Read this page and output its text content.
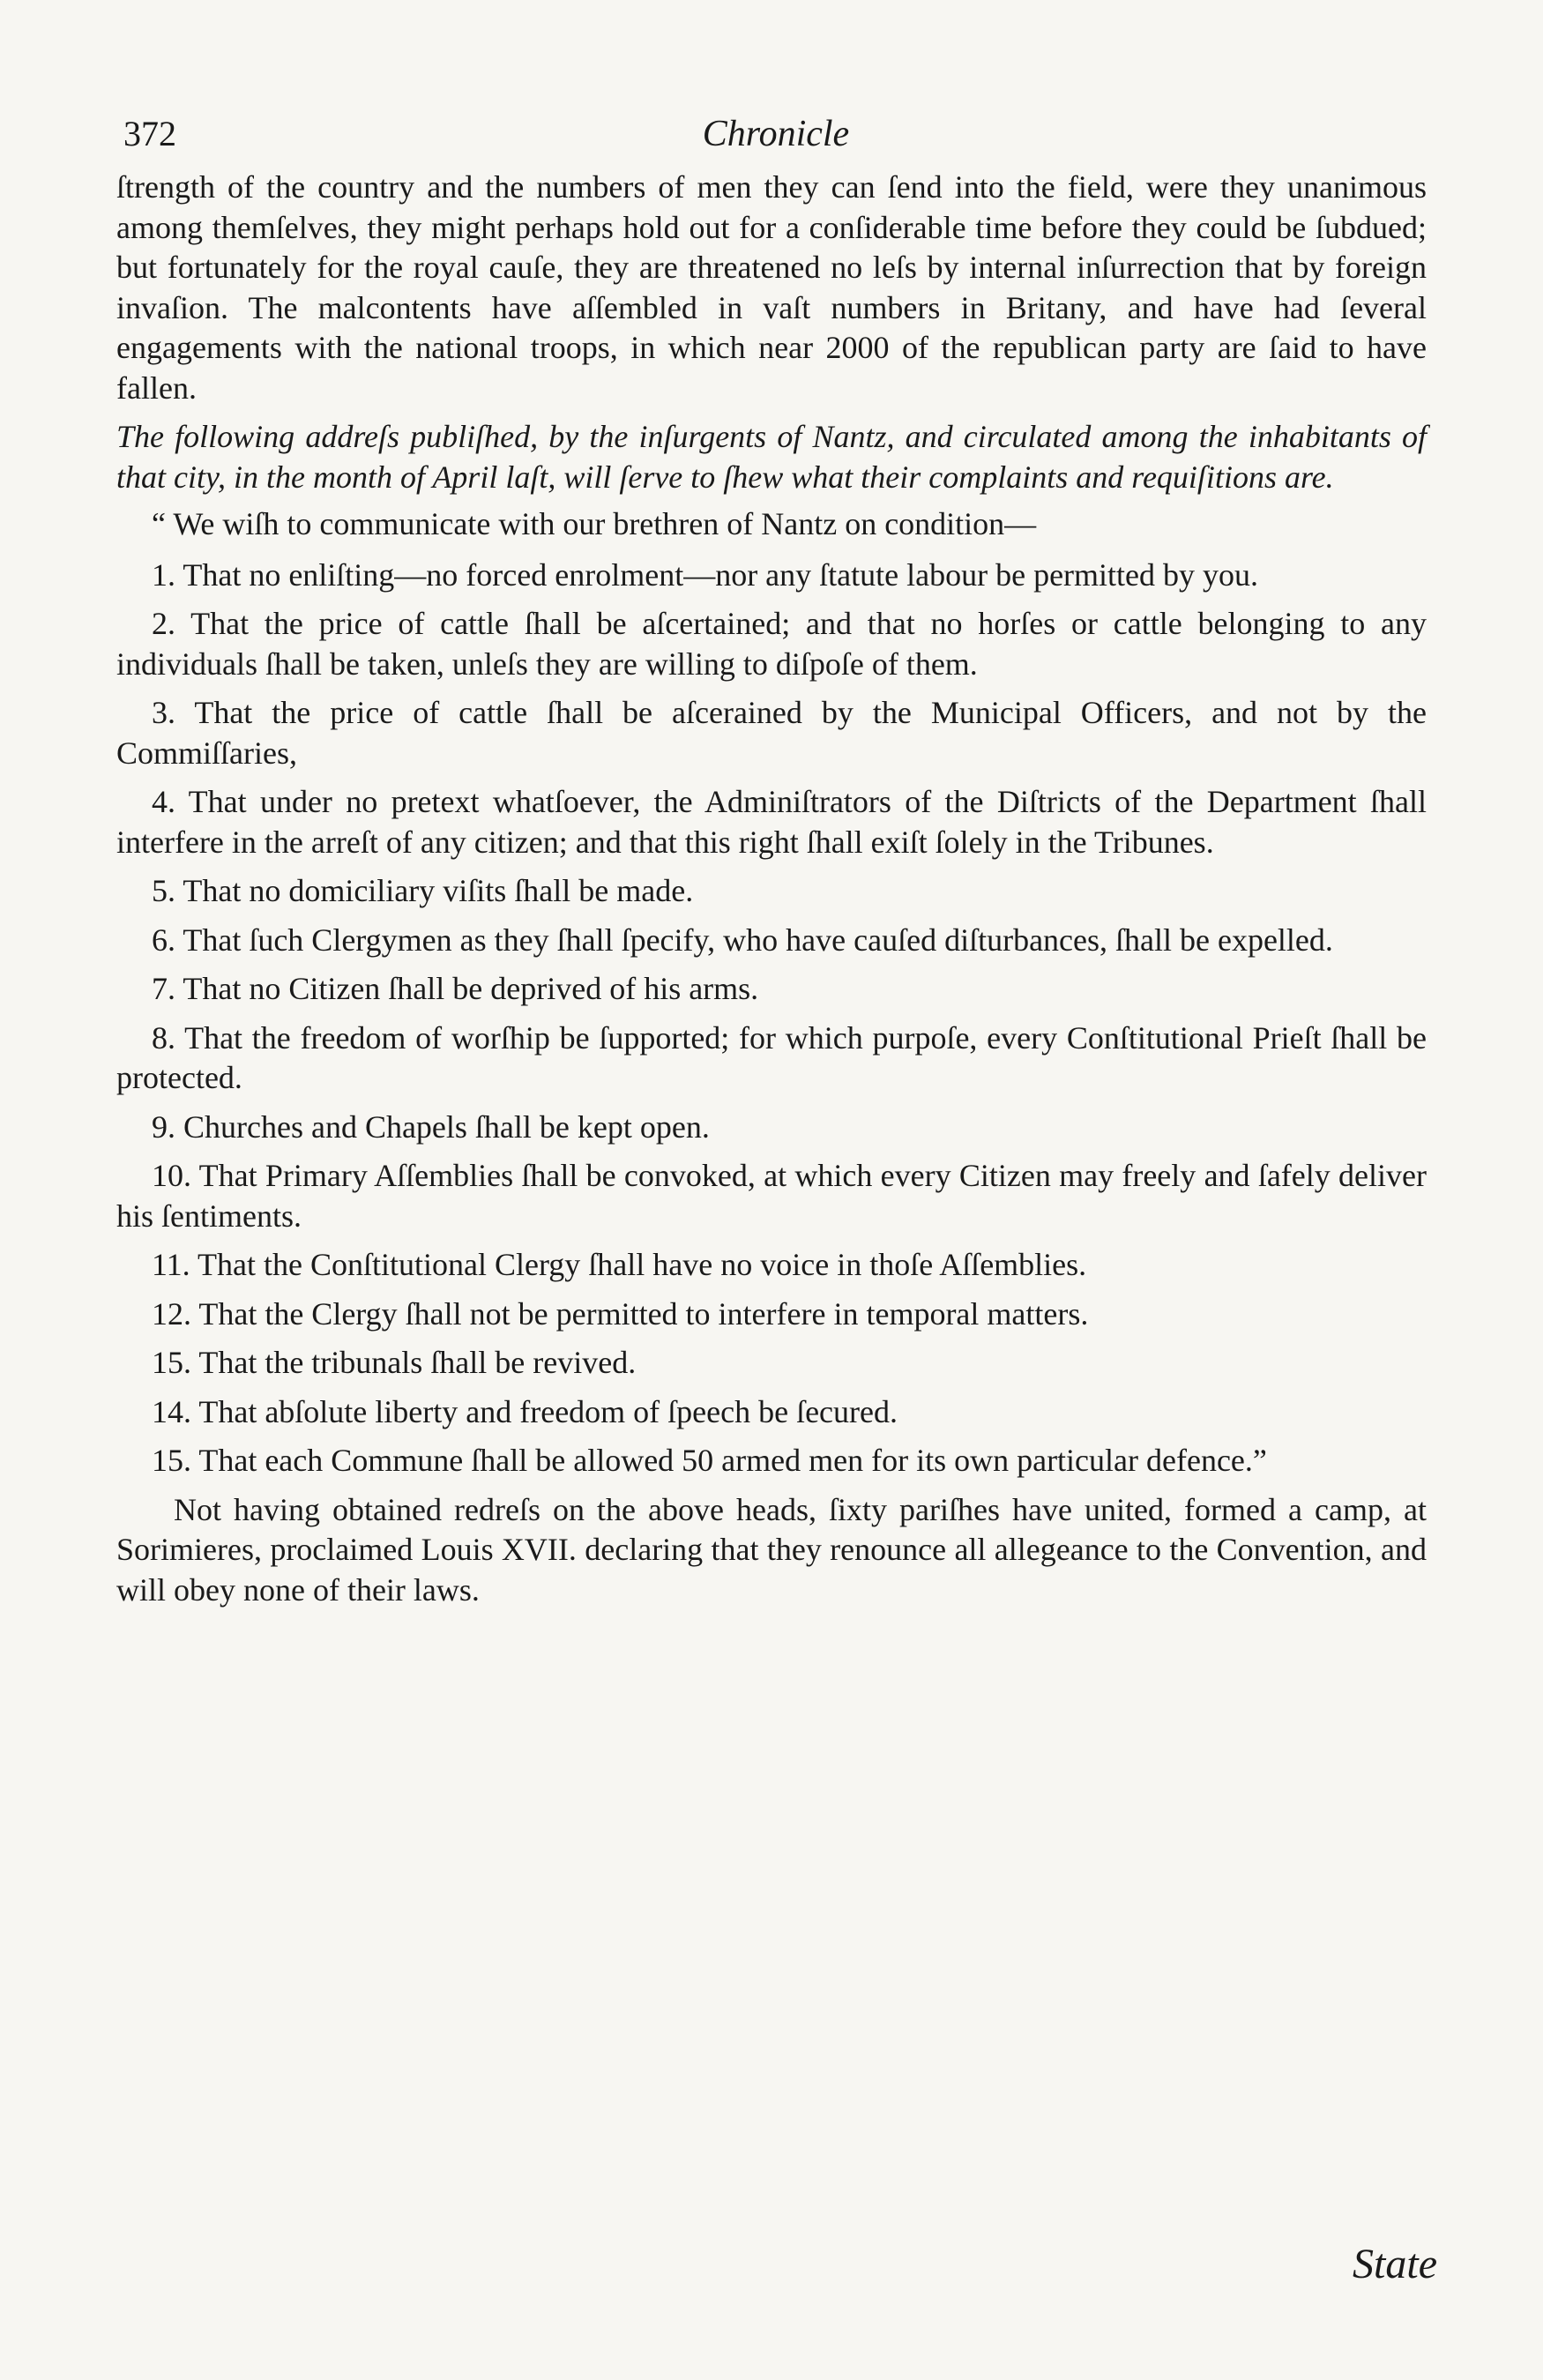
372	Chronicle

ſtrength of the country and the numbers of men they can ſend into the field, were they unanimous among themſelves, they might perhaps hold out for a conſiderable time before they could be ſubdued; but fortunately for the royal cauſe, they are threatened no leſs by internal inſurrection that by foreign invaſion. The malcontents have aſſembled in vaſt numbers in Britany, and have had ſeveral engagements with the national troops, in which near 2000 of the republican party are ſaid to have fallen.

The following addreſs publiſhed, by the inſurgents of Nantz, and circulated among the inhabitants of that city, in the month of April laſt, will ſerve to ſhew what their complaints and requiſitions are.

“ We wiſh to communicate with our brethren of Nantz on condition—

1. That no enliſting—no forced enrolment—nor any ſtatute labour be permitted by you.

2. That the price of cattle ſhall be aſcertained; and that no horſes or cattle belonging to any individuals ſhall be taken, unleſs they are willing to diſpoſe of them.

3. That the price of cattle ſhall be aſcerained by the Municipal Officers, and not by the Commiſſaries,

4. That under no pretext whatſoever, the Adminiſtrators of the Diſtricts of the Department ſhall interfere in the arreſt of any citizen; and that this right ſhall exiſt ſolely in the Tribunes.

5. That no domiciliary viſits ſhall be made.

6. That ſuch Clergymen as they ſhall ſpecify, who have cauſed diſturbances, ſhall be expelled.

7. That no Citizen ſhall be deprived of his arms.

8. That the freedom of worſhip be ſupported; for which purpoſe, every Conſtitutional Prieſt ſhall be protected.

9. Churches and Chapels ſhall be kept open.

10. That Primary Aſſemblies ſhall be convoked, at which every Citizen may freely and ſafely deliver his ſentiments.

11. That the Conſtitutional Clergy ſhall have no voice in thoſe Aſſemblies.

12. That the Clergy ſhall not be permitted to interfere in temporal matters.

15. That the tribunals ſhall be revived.

14. That abſolute liberty and freedom of ſpeech be ſecured.

15. That each Commune ſhall be allowed 50 armed men for its own particular defence.”

Not having obtained redreſs on the above heads, ſixty pariſhes have united, formed a camp, at Sorimieres, proclaimed Louis XVII. declaring that they renounce all allegeance to the Convention, and will obey none of their laws.

State
